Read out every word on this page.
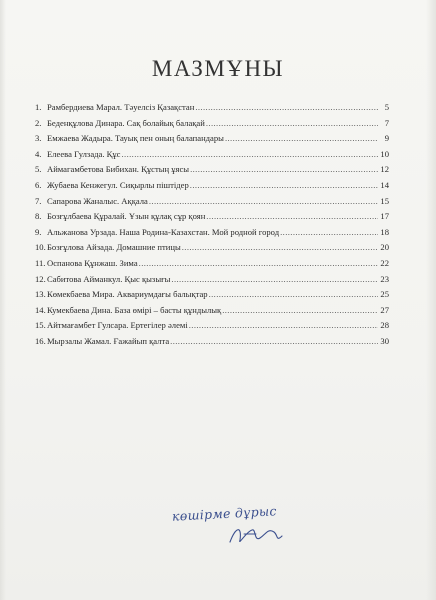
МАЗМҰНЫ
1. Рамбердиева Марал. Тәуелсіз Қазақстан .....	5
2. Беденқұлова Динара. Сақ болайық балақай .....	7
3. Емжаева Жадыра. Тауық пен оның балапандары .....	9
4. Елеева Гулзада. Құс .....	10
5. Аймагамбетова Бибихан. Құстың ұясы .....	12
6. Жубаева Кенжегул. Сиқырлы піштідер .....	14
7. Сапарова Жаналыс. Аққала .....	15
8. Бозғұлбаева Құралай. Ұзын құлақ сұр қоян .....	17
9. Альжанова Урзада. Наша Родина-Казахстан. Мой родной город .....	18
10. Бозғұлова Айзада. Домашние птицы .....	20
11. Оспанова Құнжаш. Зима .....	22
12. Сабитова Айманкул. Қыс қызығы .....	23
13. Көмекбаева Мира. Аквариумдағы балықтар .....	25
14. Кумекбаева Дина. База өмірі – басты құндылық .....	27
15. Айтмағамбет Гулсара. Ертегілер әлемі .....	28
16. Мырзалы Жамал. Ғажайып қалта .....	30
көшірме дұрыс
